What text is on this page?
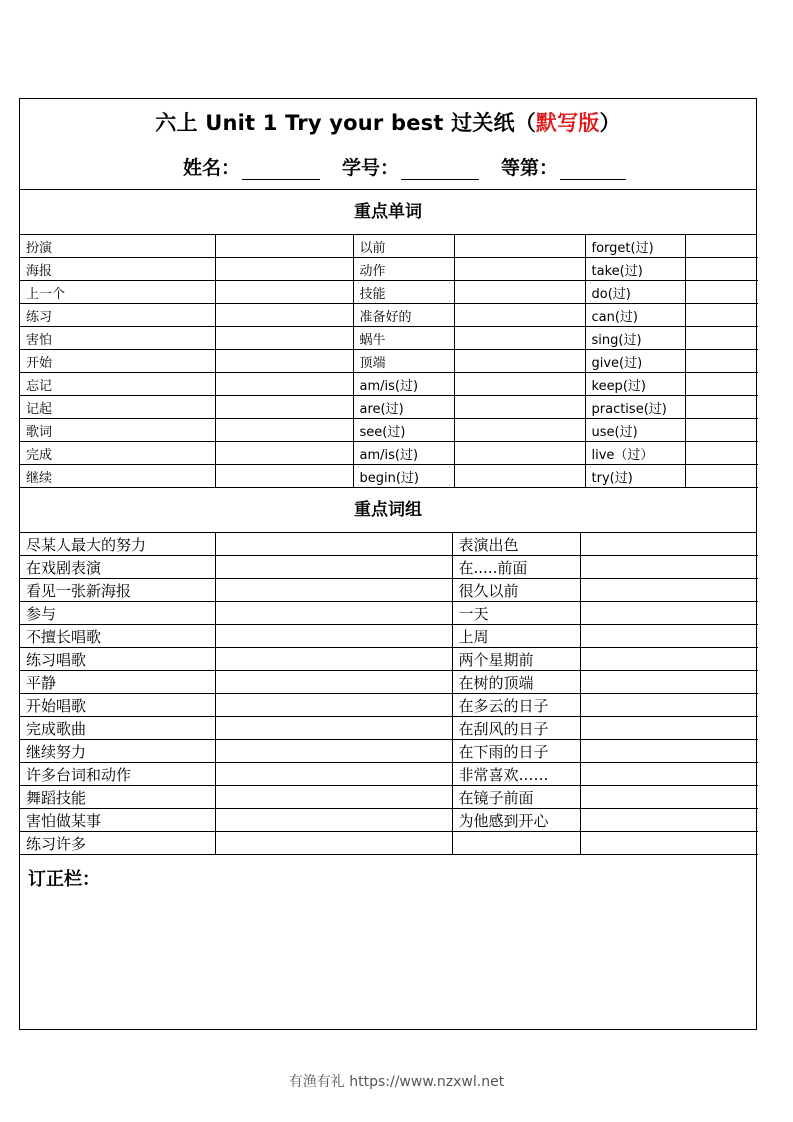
六上 Unit 1 Try your best 过关纸（默写版）
姓名：	学号：	等第：
重点单词
扮演		以前		forget(过)	
海报		动作		take(过)	
上一个		技能		do(过)	
练习		准备好的		can(过)	
害怕		蜗牛		sing(过)	
开始		顶端		give(过)	
忘记		am/is(过)		keep(过)	
记起		are(过)		practise(过)	
歌词		see(过)		use(过)	
完成		am/is(过)		live（过）	
继续		begin(过)		try(过)	
重点词组
尽某人最大的努力		表演出色	
在戏剧表演		在.....前面	
看见一张新海报		很久以前	
参与		一天	
不擅长唱歌		上周	
练习唱歌		两个星期前	
平静		在树的顶端	
开始唱歌		在多云的日子	
完成歌曲		在刮风的日子	
继续努力		在下雨的日子	
许多台词和动作		非常喜欢……	
舞蹈技能		在镜子前面	
害怕做某事		为他感到开心	
练习许多			
订正栏：
有渔有礼 https://www.nzxwl.net
